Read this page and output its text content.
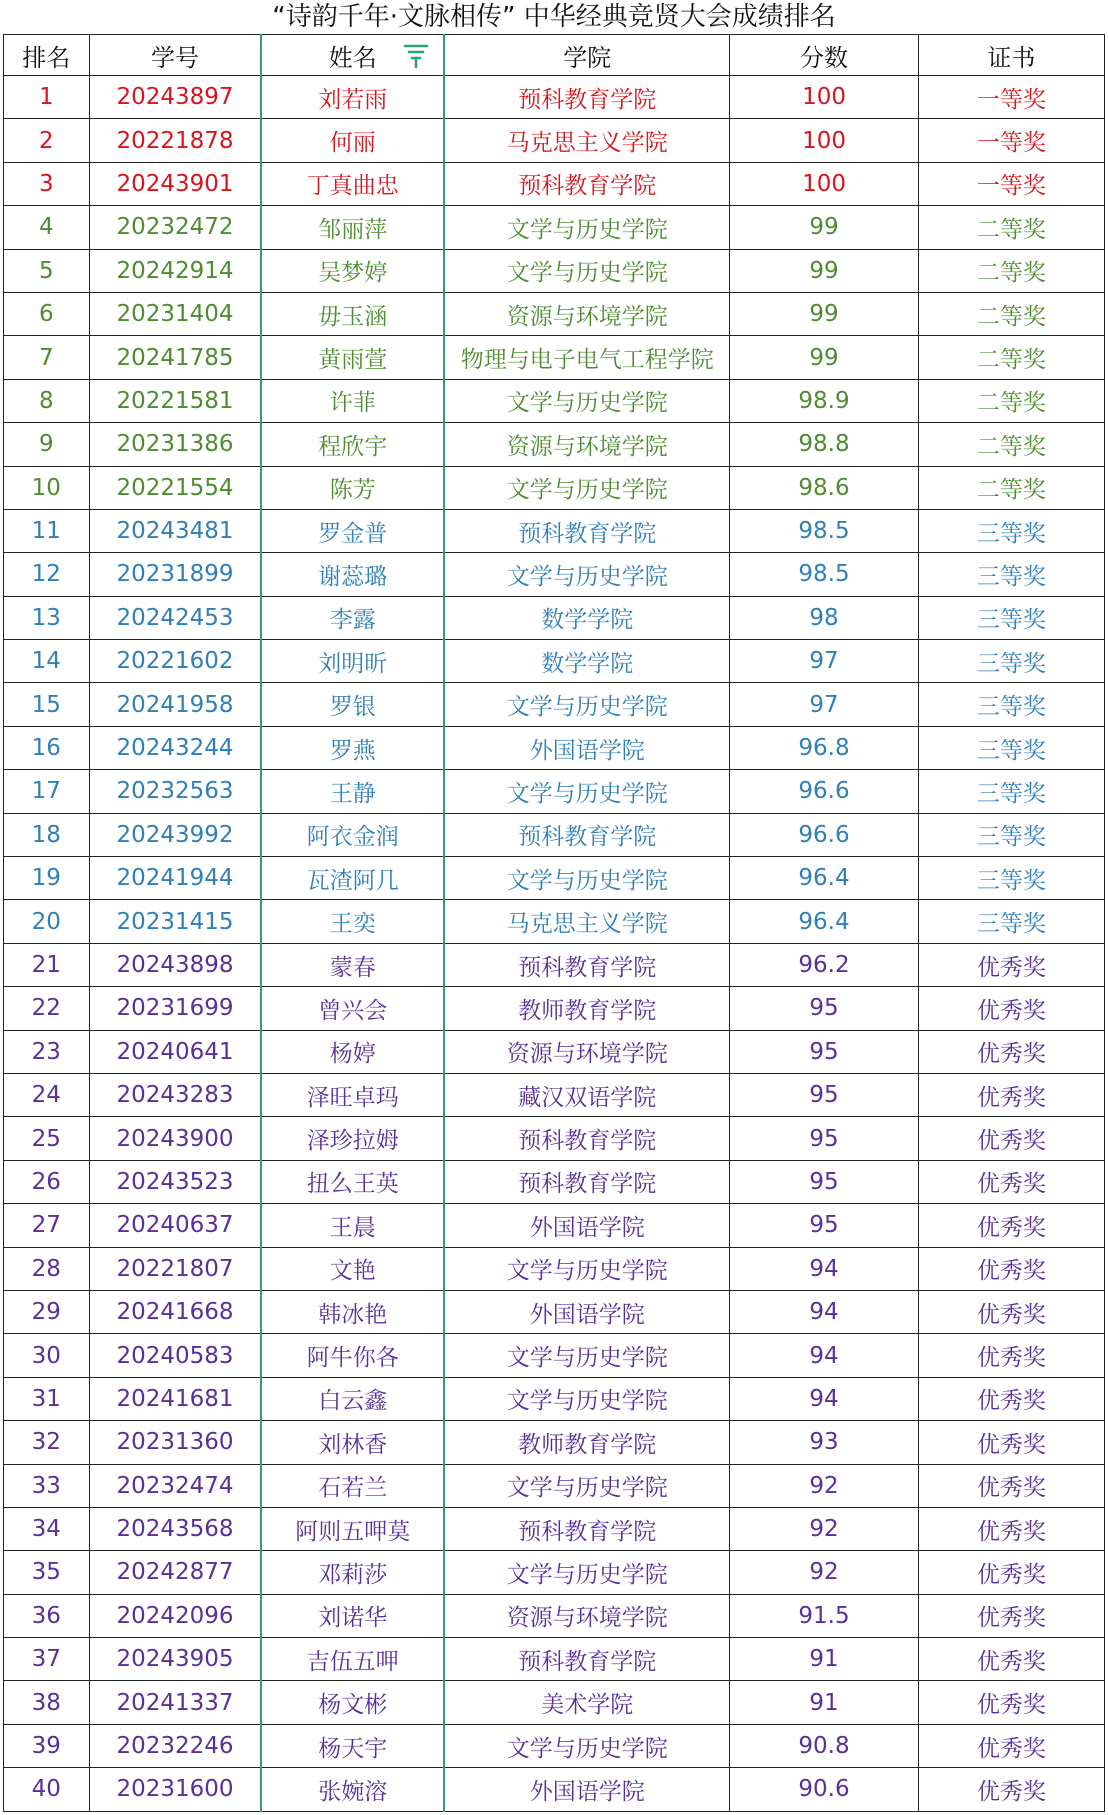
“诗韵千年·文脉相传” 中华经典竞贤大会成绩排名
排名	学号	姓名	学院	分数	证书
1	20243897	刘若雨	预科教育学院	100	一等奖
2	20221878	何丽	马克思主义学院	100	一等奖
3	20243901	丁真曲忠	预科教育学院	100	一等奖
4	20232472	邹丽萍	文学与历史学院	99	二等奖
5	20242914	吴梦婷	文学与历史学院	99	二等奖
6	20231404	毋玉涵	资源与环境学院	99	二等奖
7	20241785	黄雨萱	物理与电子电气工程学院	99	二等奖
8	20221581	许菲	文学与历史学院	98.9	二等奖
9	20231386	程欣宇	资源与环境学院	98.8	二等奖
10	20221554	陈芳	文学与历史学院	98.6	二等奖
11	20243481	罗金普	预科教育学院	98.5	三等奖
12	20231899	谢蕊璐	文学与历史学院	98.5	三等奖
13	20242453	李露	数学学院	98	三等奖
14	20221602	刘明昕	数学学院	97	三等奖
15	20241958	罗银	文学与历史学院	97	三等奖
16	20243244	罗燕	外国语学院	96.8	三等奖
17	20232563	王静	文学与历史学院	96.6	三等奖
18	20243992	阿衣金润	预科教育学院	96.6	三等奖
19	20241944	瓦渣阿几	文学与历史学院	96.4	三等奖
20	20231415	王奕	马克思主义学院	96.4	三等奖
21	20243898	蒙春	预科教育学院	96.2	优秀奖
22	20231699	曾兴会	教师教育学院	95	优秀奖
23	20240641	杨婷	资源与环境学院	95	优秀奖
24	20243283	泽旺卓玛	藏汉双语学院	95	优秀奖
25	20243900	泽珍拉姆	预科教育学院	95	优秀奖
26	20243523	扭么王英	预科教育学院	95	优秀奖
27	20240637	王晨	外国语学院	95	优秀奖
28	20221807	文艳	文学与历史学院	94	优秀奖
29	20241668	韩冰艳	外国语学院	94	优秀奖
30	20240583	阿牛你各	文学与历史学院	94	优秀奖
31	20241681	白云鑫	文学与历史学院	94	优秀奖
32	20231360	刘林香	教师教育学院	93	优秀奖
33	20232474	石若兰	文学与历史学院	92	优秀奖
34	20243568	阿则五呷莫	预科教育学院	92	优秀奖
35	20242877	邓莉莎	文学与历史学院	92	优秀奖
36	20242096	刘诺华	资源与环境学院	91.5	优秀奖
37	20243905	吉伍五呷	预科教育学院	91	优秀奖
38	20241337	杨文彬	美术学院	91	优秀奖
39	20232246	杨天宇	文学与历史学院	90.8	优秀奖
40	20231600	张婉溶	外国语学院	90.6	优秀奖
